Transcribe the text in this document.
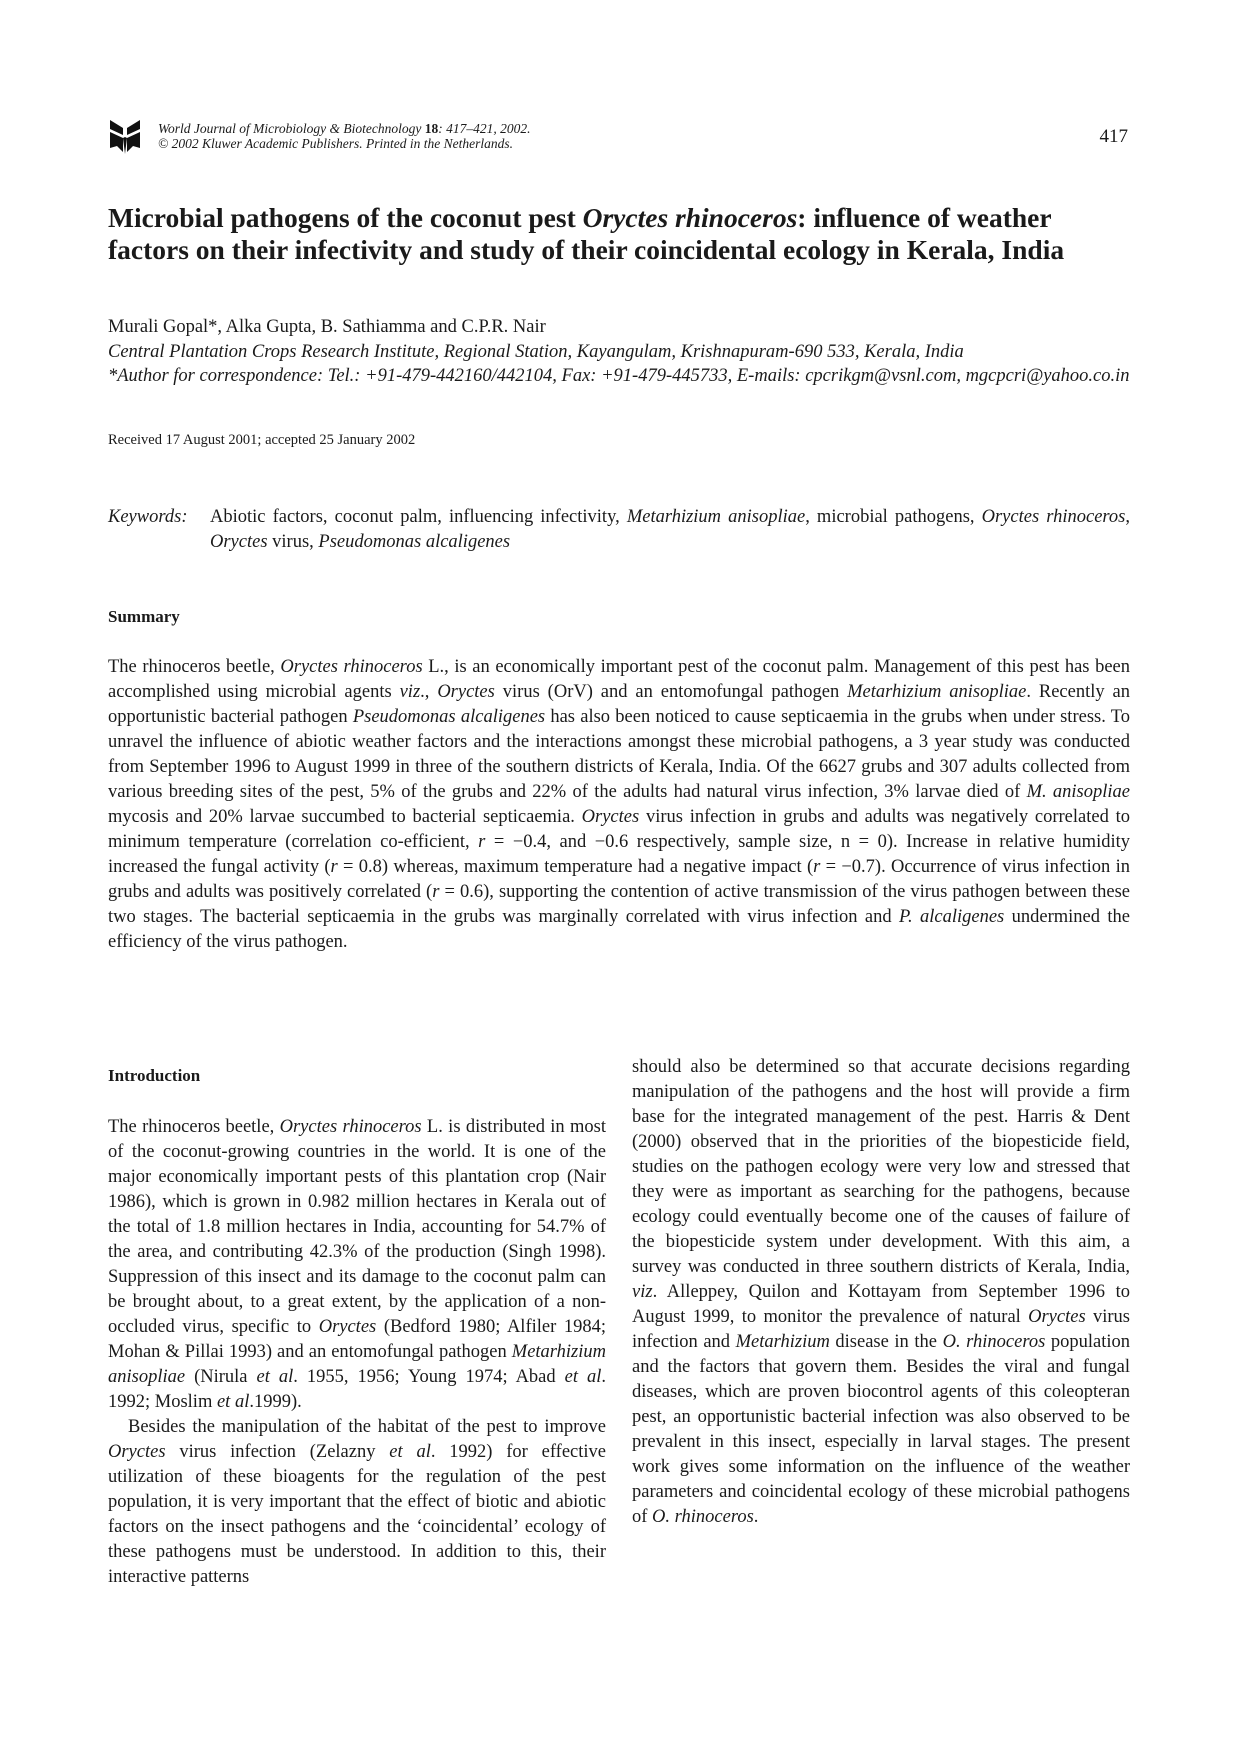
World Journal of Microbiology & Biotechnology 18: 417–421, 2002.
© 2002 Kluwer Academic Publishers. Printed in the Netherlands.	417
Microbial pathogens of the coconut pest Oryctes rhinoceros: influence of weather factors on their infectivity and study of their coincidental ecology in Kerala, India
Murali Gopal*, Alka Gupta, B. Sathiamma and C.P.R. Nair
Central Plantation Crops Research Institute, Regional Station, Kayangulam, Krishnapuram-690 533, Kerala, India
*Author for correspondence: Tel.: +91-479-442160/442104, Fax: +91-479-445733, E-mails: cpcrikgm@vsnl.com, mgcpcri@yahoo.co.in
Received 17 August 2001; accepted 25 January 2002
Keywords: Abiotic factors, coconut palm, influencing infectivity, Metarhizium anisopliae, microbial pathogens, Oryctes rhinoceros, Oryctes virus, Pseudomonas alcaligenes
Summary

The rhinoceros beetle, Oryctes rhinoceros L., is an economically important pest of the coconut palm. Management of this pest has been accomplished using microbial agents viz., Oryctes virus (OrV) and an entomofungal pathogen Metarhizium anisopliae. Recently an opportunistic bacterial pathogen Pseudomonas alcaligenes has also been noticed to cause septicaemia in the grubs when under stress. To unravel the influence of abiotic weather factors and the interactions amongst these microbial pathogens, a 3 year study was conducted from September 1996 to August 1999 in three of the southern districts of Kerala, India. Of the 6627 grubs and 307 adults collected from various breeding sites of the pest, 5% of the grubs and 22% of the adults had natural virus infection, 3% larvae died of M. anisopliae mycosis and 20% larvae succumbed to bacterial septicaemia. Oryctes virus infection in grubs and adults was negatively correlated to minimum temperature (correlation co-efficient, r = −0.4, and −0.6 respectively, sample size, n = 0). Increase in relative humidity increased the fungal activity (r = 0.8) whereas, maximum temperature had a negative impact (r = −0.7). Occurrence of virus infection in grubs and adults was positively correlated (r = 0.6), supporting the contention of active transmission of the virus pathogen between these two stages. The bacterial septicaemia in the grubs was marginally correlated with virus infection and P. alcaligenes undermined the efficiency of the virus pathogen.

Introduction

The rhinoceros beetle, Oryctes rhinoceros L. is distributed in most of the coconut-growing countries in the world. It is one of the major economically important pests of this plantation crop (Nair 1986), which is grown in 0.982 million hectares in Kerala out of the total of 1.8 million hectares in India, accounting for 54.7% of the area, and contributing 42.3% of the production (Singh 1998). Suppression of this insect and its damage to the coconut palm can be brought about, to a great extent, by the application of a non-occluded virus, specific to Oryctes (Bedford 1980; Alfiler 1984; Mohan & Pillai 1993) and an entomofungal pathogen Metarhizium anisopliae (Nirula et al. 1955, 1956; Young 1974; Abad et al. 1992; Moslim et al.1999).

Besides the manipulation of the habitat of the pest to improve Oryctes virus infection (Zelazny et al. 1992) for effective utilization of these bioagents for the regulation of the pest population, it is very important that the effect of biotic and abiotic factors on the insect pathogens and the ‘coincidental’ ecology of these pathogens must be understood. In addition to this, their interactive patterns

should also be determined so that accurate decisions regarding manipulation of the pathogens and the host will provide a firm base for the integrated management of the pest. Harris & Dent (2000) observed that in the priorities of the biopesticide field, studies on the pathogen ecology were very low and stressed that they were as important as searching for the pathogens, because ecology could eventually become one of the causes of failure of the biopesticide system under development. With this aim, a survey was conducted in three southern districts of Kerala, India, viz. Alleppey, Quilon and Kottayam from September 1996 to August 1999, to monitor the prevalence of natural Oryctes virus infection and Metarhizium disease in the O. rhinoceros population and the factors that govern them. Besides the viral and fungal diseases, which are proven biocontrol agents of this coleopteran pest, an opportunistic bacterial infection was also observed to be prevalent in this insect, especially in larval stages. The present work gives some information on the influence of the weather parameters and coincidental ecology of these microbial pathogens of O. rhinoceros.
